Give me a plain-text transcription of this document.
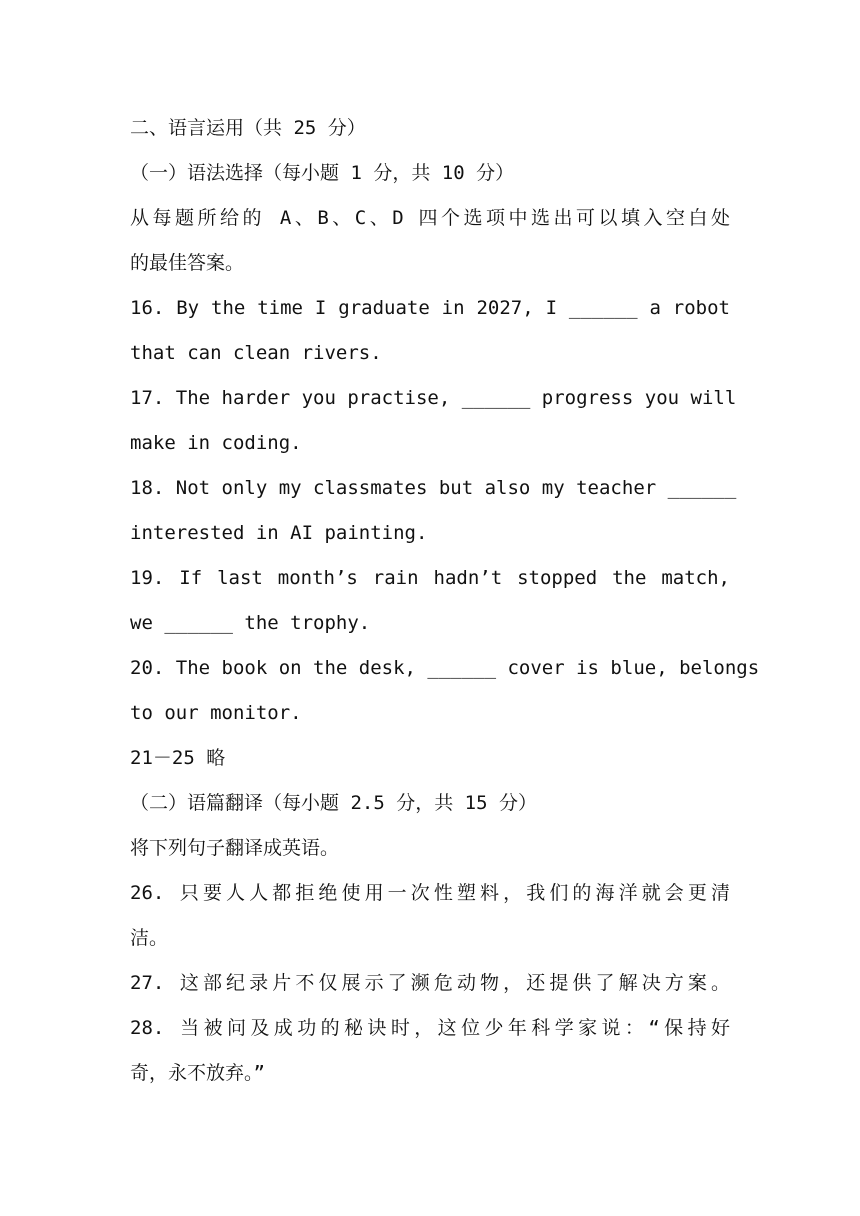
二、语言运用（共 25 分）
（一）语法选择（每小题 1 分，共 10 分）
从每题所给的 A、B、C、D 四个选项中选出可以填入空白处
的最佳答案。
16. By the time I graduate in 2027, I ______ a robot
that can clean rivers.
17. The harder you practise, ______ progress you will
make in coding.
18. Not only my classmates but also my teacher ______
interested in AI painting.
19. If last month’s rain hadn’t stopped the match,
we ______ the trophy.
20. The book on the desk, ______ cover is blue, belongs
to our monitor.
21－25 略
（二）语篇翻译（每小题 2.5 分，共 15 分）
将下列句子翻译成英语。
26. 只要人人都拒绝使用一次性塑料，我们的海洋就会更清
洁。
27. 这部纪录片不仅展示了濒危动物，还提供了解决方案。
28. 当被问及成功的秘诀时，这位少年科学家说：“保持好
奇，永不放弃。”
